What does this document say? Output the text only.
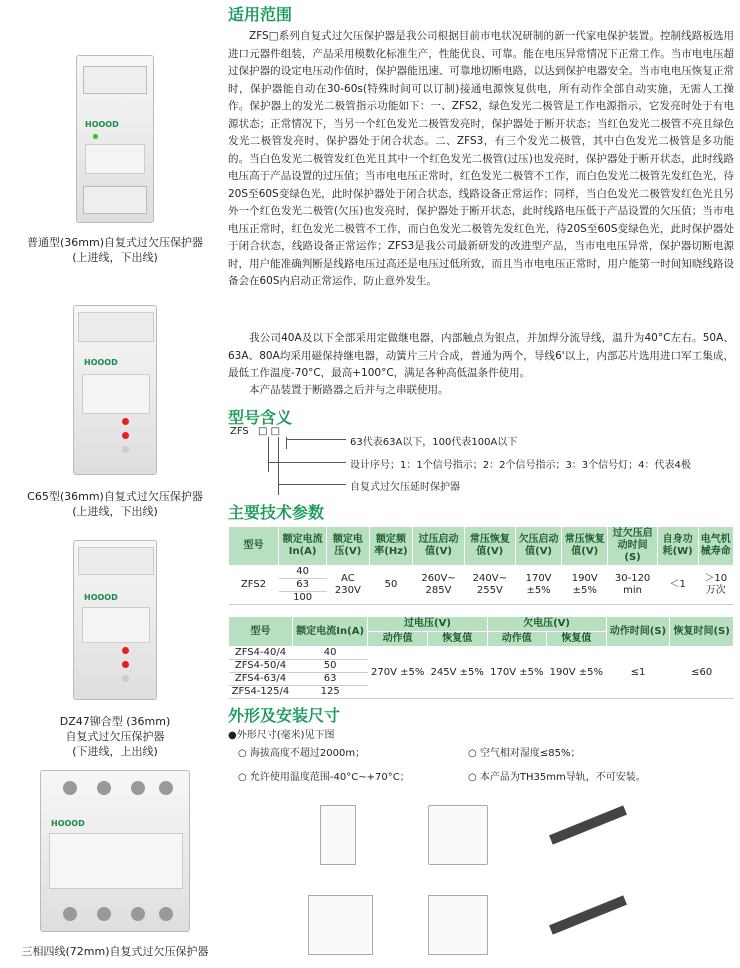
HOOOD
普通型(36mm)自复式过欠压保护器
(上进线，下出线)
HOOOD
C65型(36mm)自复式过欠压保护器
(上进线，下出线)
HOOOD
DZ47铆合型 (36mm)
自复式过欠压保护器
(下进线，上出线)
HOOOD
三相四线(72mm)自复式过欠压保护器
适用范围

ZFS□系列自复式过欠压保护器是我公司根据目前市电状况研制的新一代家电保护装置。控制线路板选用进口元器件组装，产品采用模数化标准生产，性能优良、可靠。能在电压异常情况下正常工作。当市电电压超过保护器的设定电压动作值时，保护器能迅速、可靠地切断电路，以达到保护电器安全。当市电电压恢复正常时，保护器能自动在30-60s(特殊时间可以订制)接通电源恢复供电，所有动作全部自动实施，无需人工操作。保护器上的发光二极管指示功能如下：一、ZFS2，绿色发光二极管是工作电源指示，它发亮时处于有电源状态；正常情况下，当另一个红色发光二极管发亮时，保护器处于断开状态；当红色发光二极管不亮且绿色发光二极管发亮时，保护器处于闭合状态。二、ZFS3，有三个发光二极管，其中白色发光二极管是多功能的。当白色发光二极管发红色光且其中一个红色发光二极管(过压)也发亮时，保护器处于断开状态，此时线路电压高于产品设置的过压值；当市电电压正常时，红色发光二极管不工作，而白色发光二极管先发红色光，待20S至60S变绿色光，此时保护器处于闭合状态，线路设备正常运作；同样，当白色发光二极管发红色光且另外一个红色发光二极管(欠压)也发亮时，保护器处于断开状态，此时线路电压低于产品设置的欠压值；当市电电压正常时，红色发光二极管不工作，而白色发光二极管先发红色光，待20S至60S变绿色光，此时保护器处于闭合状态，线路设备正常运作；ZFS3是我公司最新研发的改进型产品，当市电电压异常，保护器切断电源时，用户能准确判断是线路电压过高还是电压过低所致，而且当市电电压正常时，用户能第一时间知晓线路设备会在60S内启动正常运作，防止意外发生。

我公司40A及以下全部采用定做继电器，内部触点为银点，并加焊分流导线，温升为40°C左右。50A、63A、80A均采用磁保持继电器，动簧片三片合成，普通为两个，导线6'以上，内部芯片选用进口军工集成，最低工作温度-70°C，最高+100°C，满足各种高低温条件使用。

本产品装置于断路器之后并与之串联使用。

型号含义
ZFS □ □
63代表63A以下，100代表100A以下
设计序号；1：1个信号指示；2：2个信号指示；3：3个信号灯；4：代表4极
自复式过欠压延时保护器
主要技术参数
型号	额定电流In(A)	额定电压(V)	额定频率(Hz)	过压启动值(V)	常压恢复值(V)	欠压启动值(V)	常压恢复值(V)	过欠压启动时间(S)	自身功耗(W)	电气机械寿命
ZFS2	40
63
100	AC 230V	50	260V~ 285V	240V~ 255V	170V ±5%	190V ±5%	30-120 min	＜1	＞10 万次
型号	额定电流In(A)	过电压(V)		欠电压(V)		动作时间(S)	恢复时间(S)
		动作值	恢复值	动作值	恢复值		
ZFS4-40/4	40	270V ±5%	245V ±5%	170V ±5%	190V ±5%	≤1	≤60
ZFS4-50/4	50						
ZFS4-63/4	63						
ZFS4-125/4	125						
外形及安装尺寸
●外形尺寸(毫米)见下图
○ 海拔高度不超过2000m；	○ 空气相对湿度≤85%；
○ 允许使用温度范围-40°C~+70°C；	○ 本产品为TH35mm导轨，不可安装。
